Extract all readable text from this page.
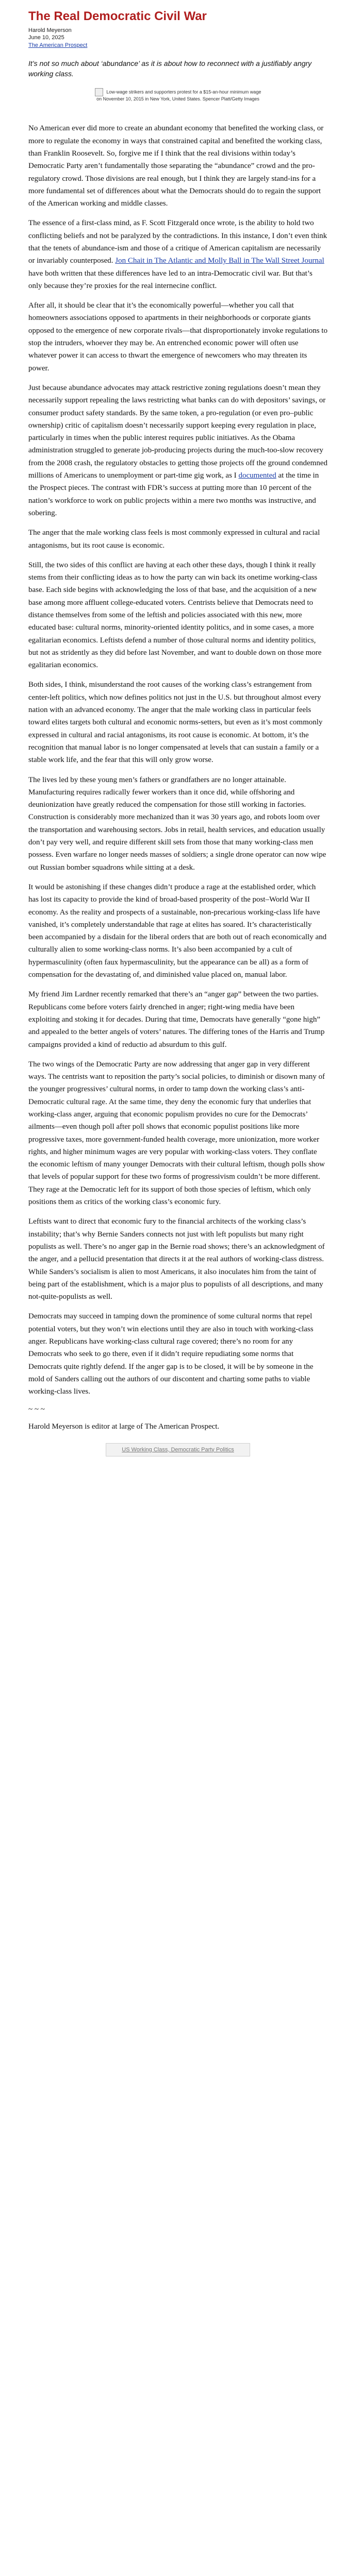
The Real Democratic Civil War
Harold Meyerson
June 10, 2025
The American Prospect
It’s not so much about ‘abundance’ as it is about how to reconnect with a justifiably angry working class.
Low-wage strikers and supporters protest for a $15-an-hour minimum wage on November 10, 2015 in New York, United States. Spencer Platt/Getty Images

No American ever did more to create an abundant economy that benefited the working class, or more to regulate the economy in ways that constrained capital and benefited the working class, than Franklin Roosevelt. So, forgive me if I think that the real divisions within today’s Democratic Party aren’t fundamentally those separating the “abundance” crowd and the pro-regulatory crowd. Those divisions are real enough, but I think they are largely stand-ins for a more fundamental set of differences about what the Democrats should do to regain the support of the American working and middle classes.

The essence of a first-class mind, as F. Scott Fitzgerald once wrote, is the ability to hold two conflicting beliefs and not be paralyzed by the contradictions. In this instance, I don’t even think that the tenets of abundance-ism and those of a critique of American capitalism are necessarily or invariably counterposed. Jon Chait in The Atlantic and Molly Ball in The Wall Street Journal have both written that these differences have led to an intra-Democratic civil war. But that’s only because they’re proxies for the real internecine conflict.

After all, it should be clear that it’s the economically powerful—whether you call that homeowners associations opposed to apartments in their neighborhoods or corporate giants opposed to the emergence of new corporate rivals—that disproportionately invoke regulations to stop the intruders, whoever they may be. An entrenched economic power will often use whatever power it can access to thwart the emergence of newcomers who may threaten its power.

Just because abundance advocates may attack restrictive zoning regulations doesn’t mean they necessarily support repealing the laws restricting what banks can do with depositors’ savings, or consumer product safety standards. By the same token, a pro-regulation (or even pro–public ownership) critic of capitalism doesn’t necessarily support keeping every regulation in place, particularly in times when the public interest requires public initiatives. As the Obama administration struggled to generate job-producing projects during the much-too-slow recovery from the 2008 crash, the regulatory obstacles to getting those projects off the ground condemned millions of Americans to unemployment or part-time gig work, as I documented at the time in the Prospect pieces. The contrast with FDR’s success at putting more than 10 percent of the nation’s workforce to work on public projects within a mere two months was instructive, and sobering.

The anger that the male working class feels is most commonly expressed in cultural and racial antagonisms, but its root cause is economic.

Still, the two sides of this conflict are having at each other these days, though I think it really stems from their conflicting ideas as to how the party can win back its onetime working-class base. Each side begins with acknowledging the loss of that base, and the acquisition of a new base among more affluent college-educated voters. Centrists believe that Democrats need to distance themselves from some of the leftish and policies associated with this new, more educated base: cultural norms, minority-oriented identity politics, and in some cases, a more egalitarian economics. Leftists defend a number of those cultural norms and identity politics, but not as stridently as they did before last November, and want to double down on those more egalitarian economics.

Both sides, I think, misunderstand the root causes of the working class’s estrangement from center-left politics, which now defines politics not just in the U.S. but throughout almost every nation with an advanced economy. The anger that the male working class in particular feels toward elites targets both cultural and economic norms-setters, but even as it’s most commonly expressed in cultural and racial antagonisms, its root cause is economic. At bottom, it’s the recognition that manual labor is no longer compensated at levels that can sustain a family or a stable work life, and the fear that this will only grow worse.

The lives led by these young men’s fathers or grandfathers are no longer attainable. Manufacturing requires radically fewer workers than it once did, while offshoring and deunionization have greatly reduced the compensation for those still working in factories. Construction is considerably more mechanized than it was 30 years ago, and robots loom over the transportation and warehousing sectors. Jobs in retail, health services, and education usually don’t pay very well, and require different skill sets from those that many working-class men possess. Even warfare no longer needs masses of soldiers; a single drone operator can now wipe out Russian bomber squadrons while sitting at a desk.

It would be astonishing if these changes didn’t produce a rage at the established order, which has lost its capacity to provide the kind of broad-based prosperity of the post–World War II economy. As the reality and prospects of a sustainable, non-precarious working-class life have vanished, it’s completely understandable that rage at elites has soared. It’s characteristically been accompanied by a disdain for the liberal orders that are both out of reach economically and culturally alien to some working-class norms. It’s also been accompanied by a cult of hypermasculinity (often faux hypermasculinity, but the appearance can be all) as a form of compensation for the devastating of, and diminished value placed on, manual labor.

My friend Jim Lardner recently remarked that there’s an “anger gap” between the two parties. Republicans come before voters fairly drenched in anger; right-wing media have been exploiting and stoking it for decades. During that time, Democrats have generally “gone high” and appealed to the better angels of voters’ natures. The differing tones of the Harris and Trump campaigns provided a kind of reductio ad absurdum to this gulf.

The two wings of the Democratic Party are now addressing that anger gap in very different ways. The centrists want to reposition the party’s social policies, to diminish or disown many of the younger progressives’ cultural norms, in order to tamp down the working class’s anti-Democratic cultural rage. At the same time, they deny the economic fury that underlies that working-class anger, arguing that economic populism provides no cure for the Democrats’ ailments—even though poll after poll shows that economic populist positions like more progressive taxes, more government-funded health coverage, more unionization, more worker rights, and higher minimum wages are very popular with working-class voters. They conflate the economic leftism of many younger Democrats with their cultural leftism, though polls show that levels of popular support for these two forms of progressivism couldn’t be more different. They rage at the Democratic left for its support of both those species of leftism, which only positions them as critics of the working class’s economic fury.

Leftists want to direct that economic fury to the financial architects of the working class’s instability; that’s why Bernie Sanders connects not just with left populists but many right populists as well. There’s no anger gap in the Bernie road shows; there’s an acknowledgment of the anger, and a pellucid presentation that directs it at the real authors of working-class distress. While Sanders’s socialism is alien to most Americans, it also inoculates him from the taint of being part of the establishment, which is a major plus to populists of all descriptions, and many not-quite-populists as well.

Democrats may succeed in tamping down the prominence of some cultural norms that repel potential voters, but they won’t win elections until they are also in touch with working-class anger. Republicans have working-class cultural rage covered; there’s no room for any Democrats who seek to go there, even if it didn’t require repudiating some norms that Democrats quite rightly defend. If the anger gap is to be closed, it will be by someone in the mold of Sanders calling out the authors of our discontent and charting some paths to viable working-class lives.

~ ~ ~
Harold Meyerson is editor at large of The American Prospect.
US Working Class, Democratic Party Politics
